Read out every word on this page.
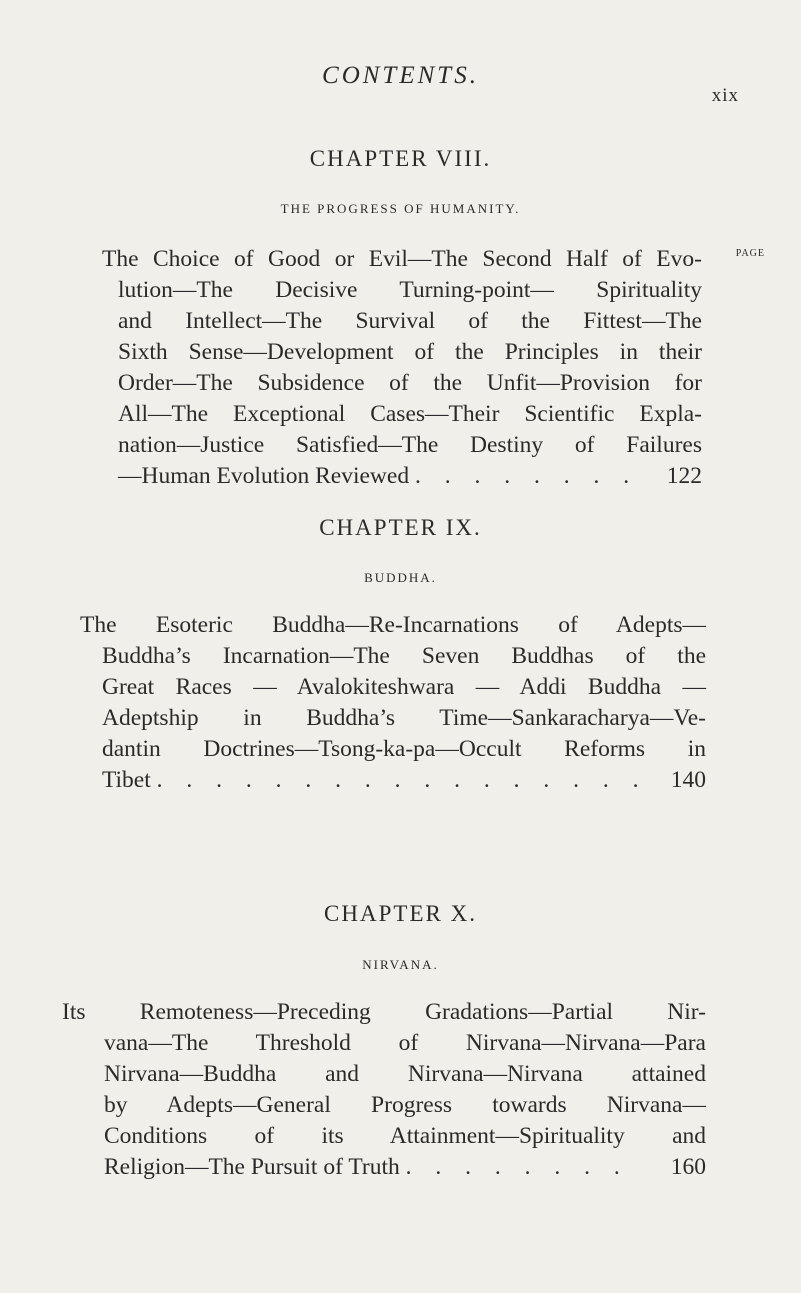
CONTENTS.
xix
CHAPTER VIII.
THE PROGRESS OF HUMANITY.
PAGE
The Choice of Good or Evil—The Second Half of Evo-
lution—The Decisive Turning-point— Spirituality
and Intellect—The Survival of the Fittest—The
Sixth Sense—Development of the Principles in their
Order—The Subsidence of the Unfit—Provision for
All—The Exceptional Cases—Their Scientific Expla-
nation—Justice Satisfied—The Destiny of Failures
—Human Evolution Reviewed . . . . . . . . 122
CHAPTER IX.
BUDDHA.
The Esoteric Buddha—Re-Incarnations of Adepts—
Buddha’s Incarnation—The Seven Buddhas of the
Great Races — Avalokiteshwara — Addi Buddha —
Adeptship in Buddha’s Time—Sankaracharya—Ve-
dantin Doctrines—Tsong-ka-pa—Occult Reforms in
Tibet . . . . . . . . . . . . . . . . . 140
CHAPTER X.
NIRVANA.
Its Remoteness—Preceding Gradations—Partial Nir-
vana—The Threshold of Nirvana—Nirvana—Para
Nirvana—Buddha and Nirvana—Nirvana attained
by Adepts—General Progress towards Nirvana—
Conditions of its Attainment—Spirituality and
Religion—The Pursuit of Truth . . . . . . . . 160
